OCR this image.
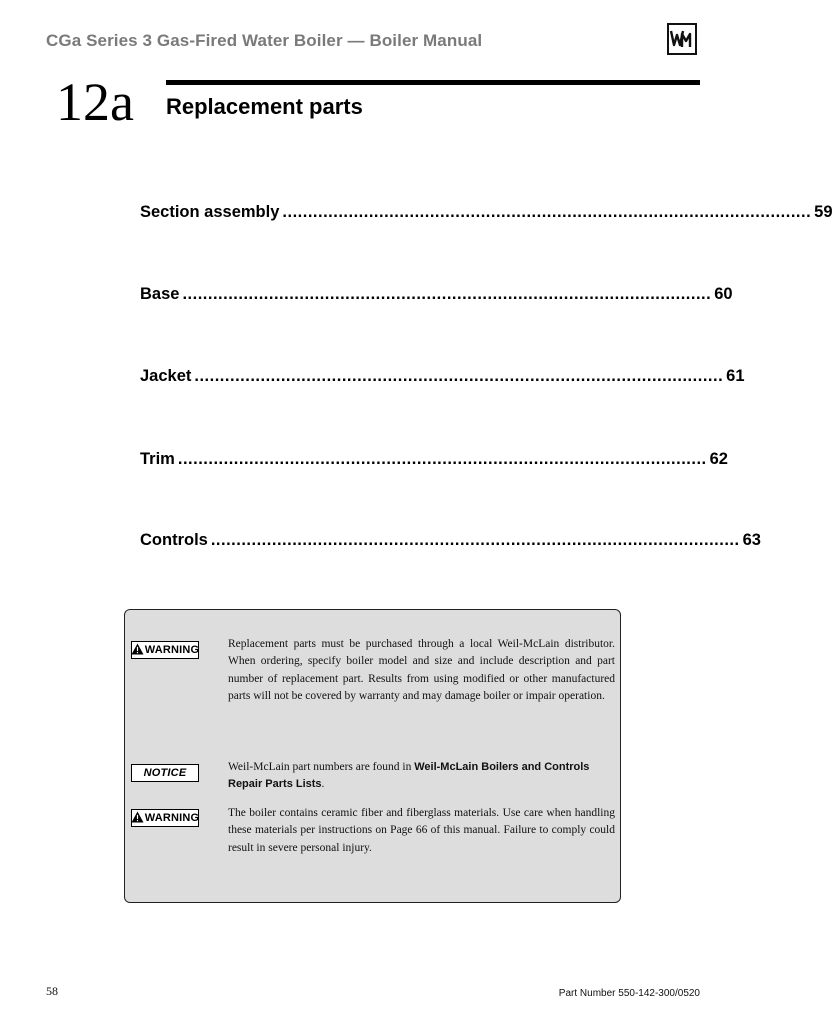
CGa Series 3 Gas-Fired Water Boiler — Boiler Manual
12a Replacement parts
Section assembly ........................................................................................................ 59
Base ........................................................................................................ 60
Jacket ........................................................................................................ 61
Trim ........................................................................................................ 62
Controls ........................................................................................................ 63
WARNING Replacement parts must be purchased through a local Weil-McLain distributor. When ordering, specify boiler model and size and include description and part number of replacement part. Results from using modified or other manufactured parts will not be covered by warranty and may damage boiler or impair operation.
NOTICE	Weil-McLain part numbers are found in Weil-McLain Boilers and Controls Repair Parts Lists.
WARNING The boiler contains ceramic fiber and fiberglass materials. Use care when handling these materials per instructions on Page 66 of this manual. Failure to comply could result in severe personal injury.
58	Part Number 550-142-300/0520
